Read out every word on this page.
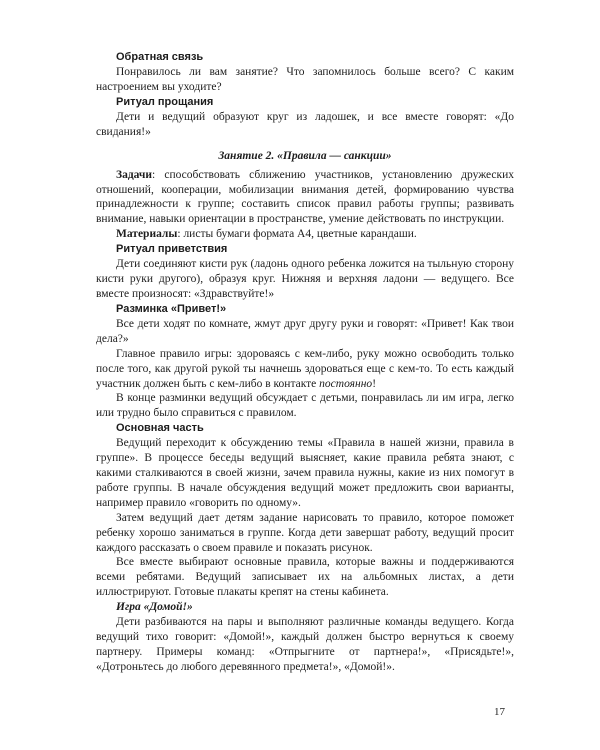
Обратная связь

Понравилось ли вам занятие? Что запомнилось больше всего? С каким настроением вы уходите?

Ритуал прощания

Дети и ведущий образуют круг из ладошек, и все вместе говорят: «До свидания!»

Занятие 2. «Правила — санкции»

Задачи: способствовать сближению участников, установлению дружеских отношений, кооперации, мобилизации внимания детей, формированию чувства принадлежности к группе; составить список правил работы группы; развивать внимание, навыки ориентации в пространстве, умение действовать по инструкции.

Материалы: листы бумаги формата А4, цветные карандаши.

Ритуал приветствия

Дети соединяют кисти рук (ладонь одного ребенка ложится на тыльную сторону кисти руки другого), образуя круг. Нижняя и верхняя ладони — ведущего. Все вместе произносят: «Здравствуйте!»

Разминка «Привет!»

Все дети ходят по комнате, жмут друг другу руки и говорят: «Привет! Как твои дела?»

Главное правило игры: здороваясь с кем-либо, руку можно освободить только после того, как другой рукой ты начнешь здороваться еще с кем-то. То есть каждый участник должен быть с кем-либо в контакте постоянно!

В конце разминки ведущий обсуждает с детьми, понравилась ли им игра, легко или трудно было справиться с правилом.

Основная часть

Ведущий переходит к обсуждению темы «Правила в нашей жизни, правила в группе». В процессе беседы ведущий выясняет, какие правила ребята знают, с какими сталкиваются в своей жизни, зачем правила нужны, какие из них помогут в работе группы. В начале обсуждения ведущий может предложить свои варианты, например правило «говорить по одному».

Затем ведущий дает детям задание нарисовать то правило, которое поможет ребенку хорошо заниматься в группе. Когда дети завершат работу, ведущий просит каждого рассказать о своем правиле и показать рисунок.

Все вместе выбирают основные правила, которые важны и поддерживаются всеми ребятами. Ведущий записывает их на альбомных листах, а дети иллюстрируют. Готовые плакаты крепят на стены кабинета.

Игра «Домой!»

Дети разбиваются на пары и выполняют различные команды ведущего. Когда ведущий тихо говорит: «Домой!», каждый должен быстро вернуться к своему партнеру. Примеры команд: «Отпрыгните от партнера!», «Присядьте!», «Дотроньтесь до любого деревянного предмета!», «Домой!».

17
